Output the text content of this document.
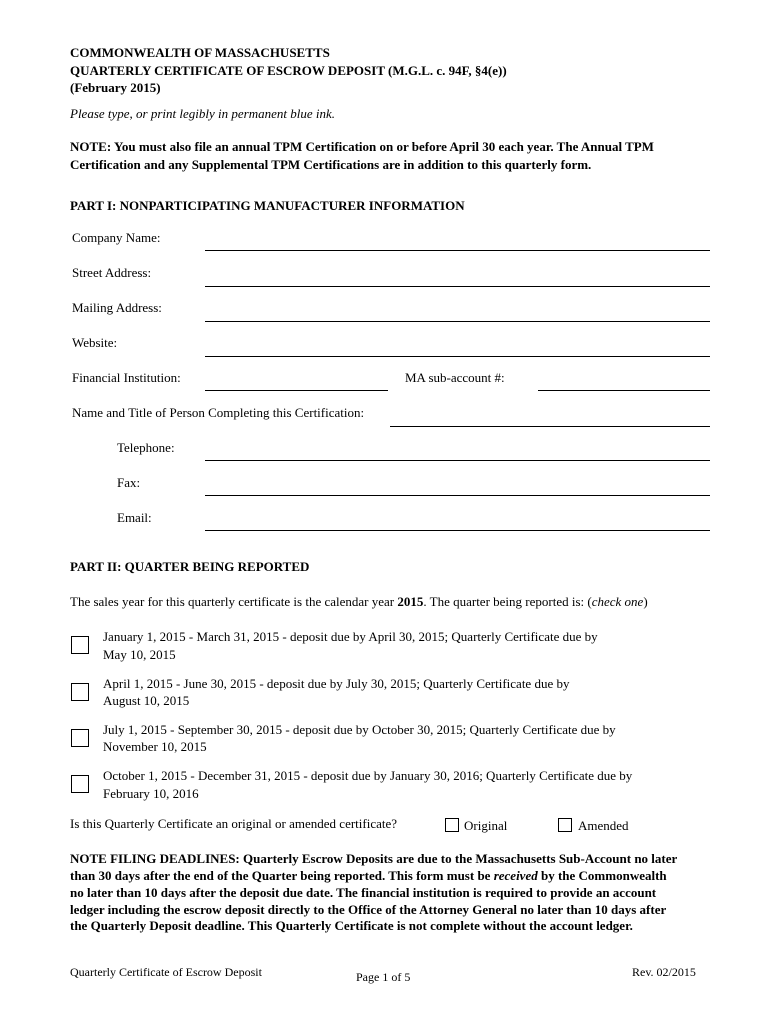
COMMONWEALTH OF MASSACHUSETTS
QUARTERLY CERTIFICATE OF ESCROW DEPOSIT (M.G.L. c. 94F, §4(e))
(February 2015)
Please type, or print legibly in permanent blue ink.
NOTE: You must also file an annual TPM Certification on or before April 30 each year. The Annual TPM
Certification and any Supplemental TPM Certifications are in addition to this quarterly form.
PART I: NONPARTICIPATING MANUFACTURER INFORMATION
Company Name:
Street Address:
Mailing Address:
Website:
Financial Institution:	MA sub-account #:
Name and Title of Person Completing this Certification:
Telephone:
Fax:
Email:
PART II: QUARTER BEING REPORTED
The sales year for this quarterly certificate is the calendar year 2015. The quarter being reported is: (check one)
January 1, 2015 - March 31, 2015 - deposit due by April 30, 2015; Quarterly Certificate due by
May 10, 2015
April 1, 2015 - June 30, 2015 - deposit due by July 30, 2015; Quarterly Certificate due by
August 10, 2015
July 1, 2015 - September 30, 2015 - deposit due by October 30, 2015; Quarterly Certificate due by
November 10, 2015
October 1, 2015 - December 31, 2015 - deposit due by January 30, 2016; Quarterly Certificate due by
February 10, 2016
Is this Quarterly Certificate an original or amended certificate?	Original	Amended
NOTE FILING DEADLINES: Quarterly Escrow Deposits are due to the Massachusetts Sub-Account no later
than 30 days after the end of the Quarter being reported. This form must be received by the Commonwealth
no later than 10 days after the deposit due date. The financial institution is required to provide an account
ledger including the escrow deposit directly to the Office of the Attorney General no later than 10 days after
the Quarterly Deposit deadline. This Quarterly Certificate is not complete without the account ledger.
Quarterly Certificate of Escrow Deposit	Page 1 of 5	Rev. 02/2015
